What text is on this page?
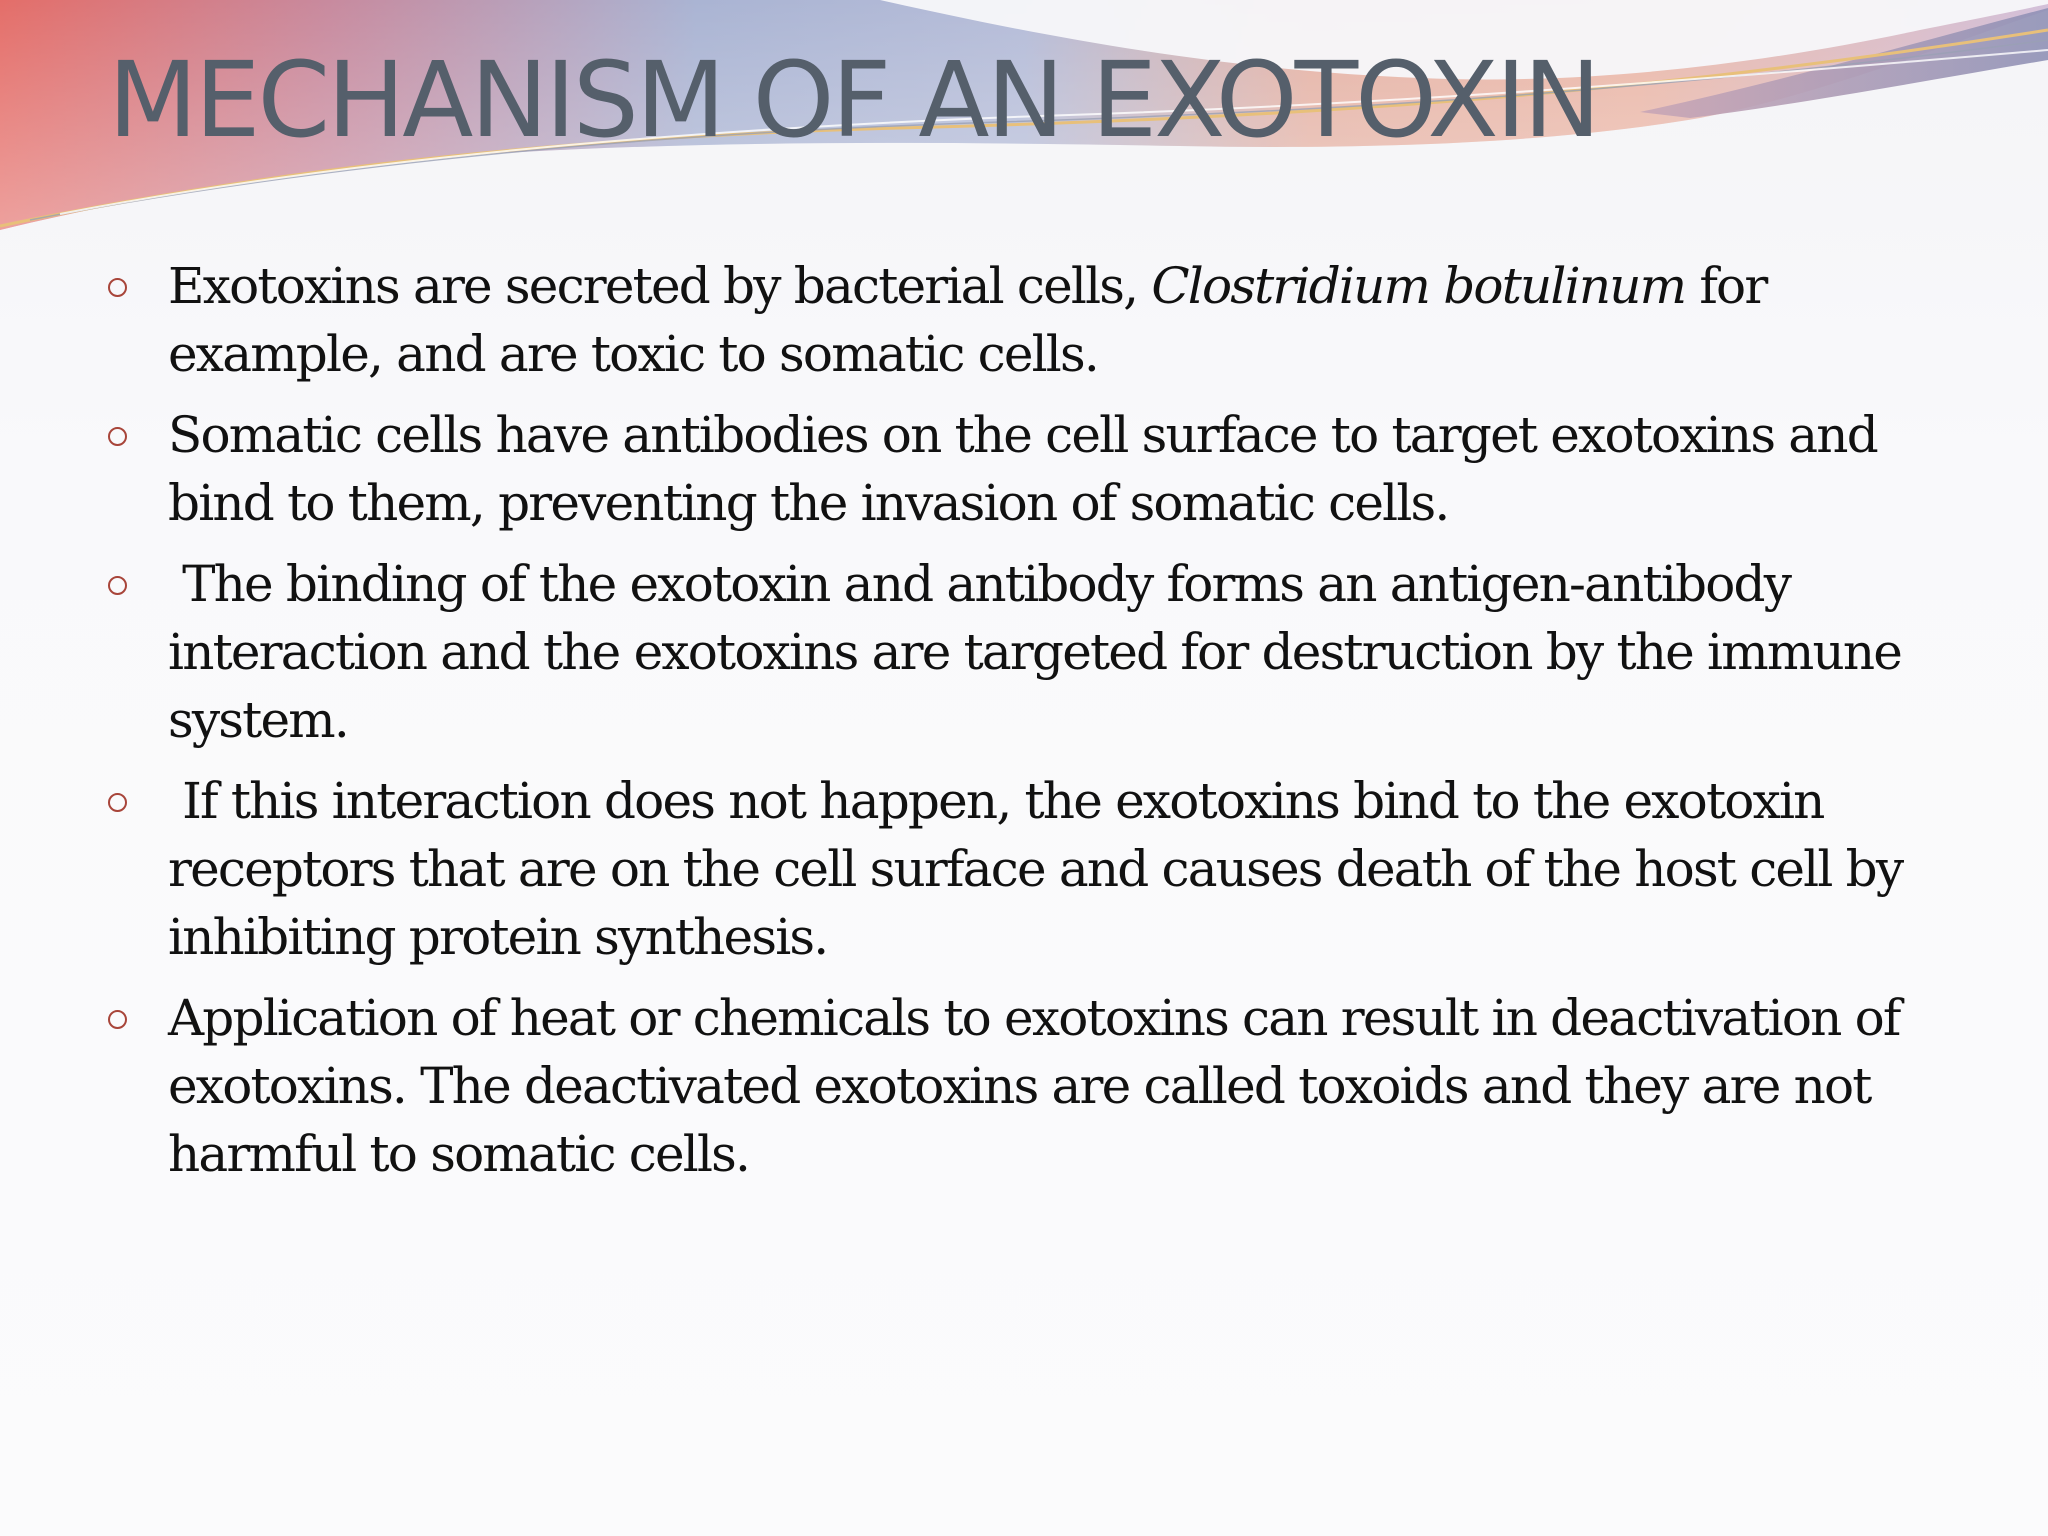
MECHANISM OF AN EXOTOXIN
Exotoxins are secreted by bacterial cells, Clostridium botulinum for example, and are toxic to somatic cells.
Somatic cells have antibodies on the cell surface to target exotoxins and bind to them, preventing the invasion of somatic cells.
The binding of the exotoxin and antibody forms an antigen-antibody interaction and the exotoxins are targeted for destruction by the immune system.
If this interaction does not happen, the exotoxins bind to the exotoxin receptors that are on the cell surface and causes death of the host cell by inhibiting protein synthesis.
Application of heat or chemicals to exotoxins can result in deactivation of exotoxins. The deactivated exotoxins are called toxoids and they are not harmful to somatic cells.
